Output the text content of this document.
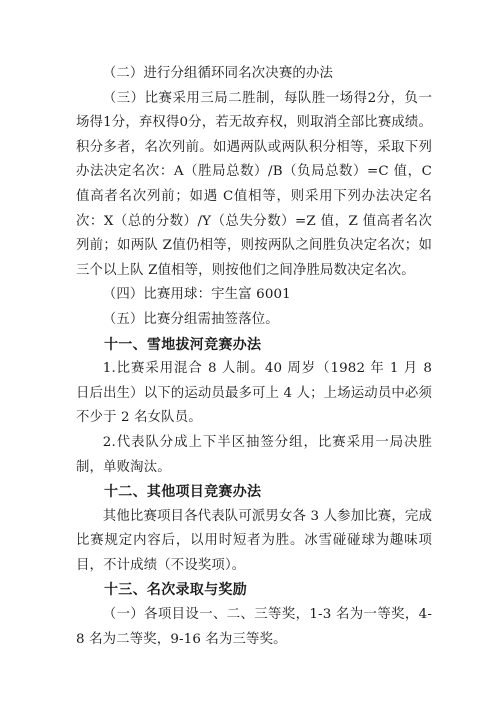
（二）进行分组循环同名次决赛的办法

（三）比赛采用三局二胜制，每队胜一场得2分，负一场得1分，弃权得0分，若无故弃权，则取消全部比赛成绩。积分多者，名次列前。如遇两队或两队积分相等，采取下列办法决定名次：A（胜局总数）/B（负局总数）=C 值，C 值高者名次列前；如遇 C值相等，则采用下列办法决定名次：X（总的分数）/Y（总失分数）=Z 值，Z 值高者名次列前；如两队 Z值仍相等，则按两队之间胜负决定名次；如三个以上队 Z值相等，则按他们之间净胜局数决定名次。

（四）比赛用球：宇生富 6001

（五）比赛分组需抽签落位。

十一、雪地拔河竞赛办法

1.比赛采用混合 8 人制。40 周岁（1982 年 1 月 8 日后出生）以下的运动员最多可上 4 人；上场运动员中必须不少于 2 名女队员。

2.代表队分成上下半区抽签分组，比赛采用一局决胜制，单败淘汰。

十二、其他项目竞赛办法

其他比赛项目各代表队可派男女各 3 人参加比赛，完成比赛规定内容后，以用时短者为胜。冰雪碰碰球为趣味项目，不计成绩（不设奖项）。

十三、名次录取与奖励

（一）各项目设一、二、三等奖，1-3 名为一等奖，4-8 名为二等奖，9-16 名为三等奖。
